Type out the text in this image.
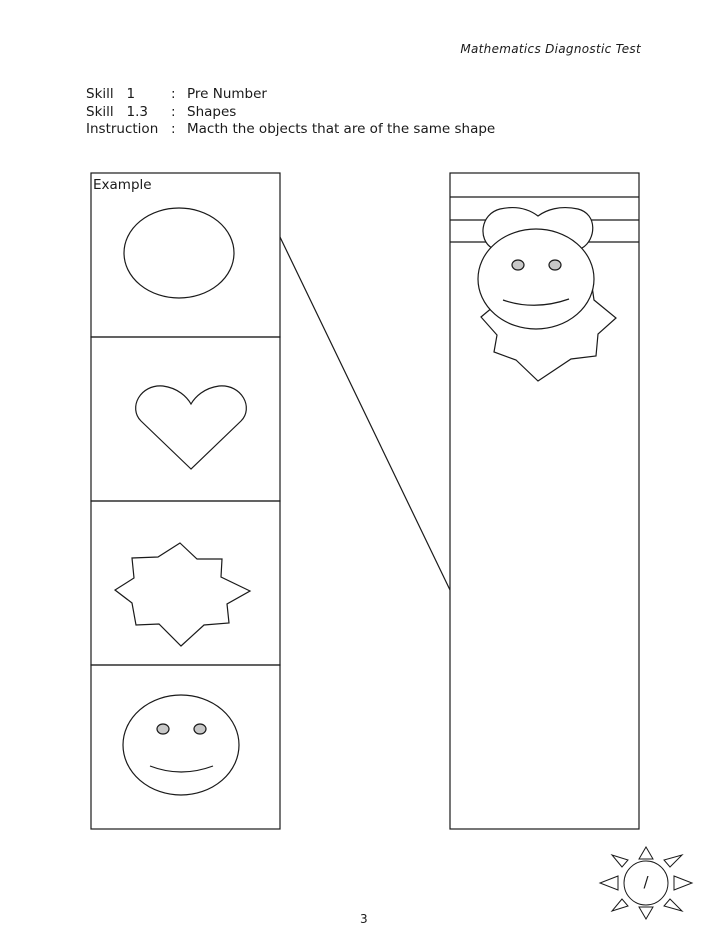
Mathematics Diagnostic Test
Skill   1	: Pre Number
Skill   1.3	: Shapes
Instruction : Macth the objects that are of the same shape
Example
/
3
